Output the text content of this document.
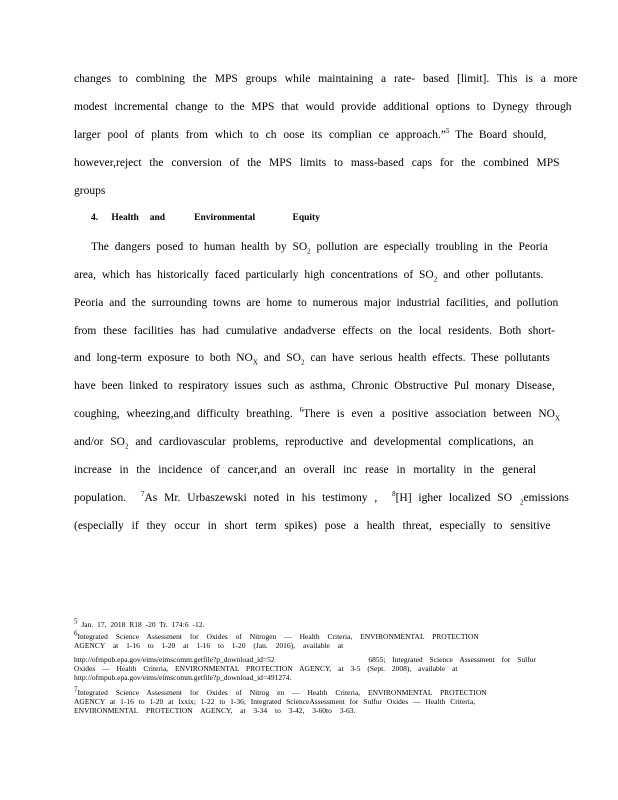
changes to combining the MPS groups while maintaining a rate- based [limit]. This is a more
modest incremental change to the MPS that would provide additional options to Dynegy through
larger pool of plants from which to ch oose its complian ce approach.” $^5$ The Board should,
however,reject the conversion of the MPS limits to mass-based caps for the combined MPS
groups
4. Health and	Environmental	Equity
The dangers posed to human health by $SO_2$ pollution are especially troubling in the Peoria
area, which has historically faced particularly high concentrations of $SO_2$ and other pollutants.
Peoria and the surrounding towns are home to numerous major industrial facilities, and pollution
from these facilities has had cumulative andadverse effects on the local residents. Both short-
and long-term exposure to both $NO_X$ and $SO_2$ can have serious health effects. These pollutants
have been linked to respiratory issues such as asthma, Chronic Obstructive Pul monary Disease,
coughing, wheezing,and difficulty breathing. $^6$There is even a positive association between $NO_X$
and/or $SO_2$ and cardiovascular problems, reproductive and developmental complications, an
increase in the incidence of cancer,and an overall inc rease in mortality in the general
population. $^7$As Mr. Urbaszewski noted in his testimony , $^8$[H] igher localized SO $_2$emissions
(especially if they occur in short term spikes) pose a health threat, especially to sensitive
$^5$ Jan. 17, 2018 R18 -20 Tr. 174:6 -12.
$^6$Integrated Science Assessment for Oxides of Nitrogen — Health Criteria, ENVIRONMENTAL PROTECTION
AGENCY at 1-16 to 1-20 at 1-16 to 1-20 (Jan. 2016), available at
http://ofmpub.epa.gov/eims/eimscomm.getfile?p_download_id=52	6855; Integrated Science Assessment for Sulfur
Oxides — Health Criteria, ENVIRONMENTAL PROTECTION AGENCY, at 3-5 (Sept. 2008), available at
http://ofmpub.epa.gov/eims/eimscomm.getfile?p_download_id=491274.
$^7$Integrated Science Assessment for Oxides of Nitrog en — Health Criteria, ENVIRONMENTAL PROTECTION
AGENCY at 1-16 to 1-20 at lxxix; 1-22 to 1-36; Integrated ScienceAssessment for Sulfur Oxides — Health Criteria,
ENVIRONMENTAL PROTECTION AGENCY, at 3-34 to 3-42, 3-60to 3-63.
